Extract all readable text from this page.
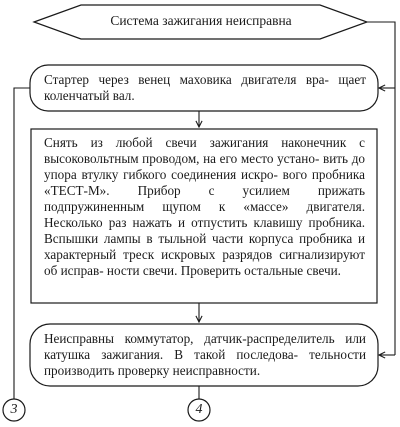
Система зажигания неисправна
Стартер через венец маховика двигателя вра- щает коленчатый вал.
Снять из любой свечи зажигания наконечник с высоковольтным проводом, на его место устано- вить до упора втулку гибкого соединения искро- вого пробника «ТЕСТ-М». Прибор с усилием прижать подпружиненным щупом к «массе» двигателя. Несколько раз нажать и отпустить клавишу пробника. Вспышки лампы в тыльной части корпуса пробника и характерный треск искровых разрядов сигнализируют об исправ- ности свечи. Проверить остальные свечи.
Неисправны коммутатор, датчик-распределитель или катушка зажигания. В такой последова- тельности производить проверку неисправности.
3	4
